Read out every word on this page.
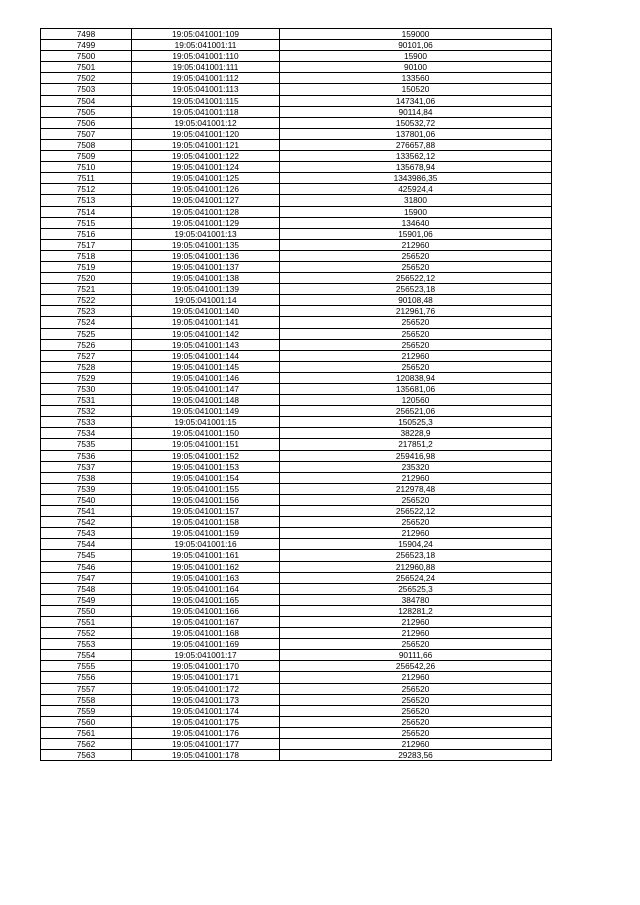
7498	19:05:041001:109	159000
7499	19:05:041001:11	90101,06
7500	19:05:041001:110	15900
7501	19:05:041001:111	90100
7502	19:05:041001:112	133560
7503	19:05:041001:113	150520
7504	19:05:041001:115	147341,06
7505	19:05:041001:118	90114,84
7506	19:05:041001:12	150532,72
7507	19:05:041001:120	137801,06
7508	19:05:041001:121	276657,88
7509	19:05:041001:122	133562,12
7510	19:05:041001:124	135678,94
7511	19:05:041001:125	1343986,35
7512	19:05:041001:126	425924,4
7513	19:05:041001:127	31800
7514	19:05:041001:128	15900
7515	19:05:041001:129	134640
7516	19:05:041001:13	15901,06
7517	19:05:041001:135	212960
7518	19:05:041001:136	256520
7519	19:05:041001:137	256520
7520	19:05:041001:138	256522,12
7521	19:05:041001:139	256523,18
7522	19:05:041001:14	90108,48
7523	19:05:041001:140	212961,76
7524	19:05:041001:141	256520
7525	19:05:041001:142	256520
7526	19:05:041001:143	256520
7527	19:05:041001:144	212960
7528	19:05:041001:145	256520
7529	19:05:041001:146	120838,94
7530	19:05:041001:147	135681,06
7531	19:05:041001:148	120560
7532	19:05:041001:149	256521,06
7533	19:05:041001:15	150525,3
7534	19:05:041001:150	38228,9
7535	19:05:041001:151	217851,2
7536	19:05:041001:152	259416,98
7537	19:05:041001:153	235320
7538	19:05:041001:154	212960
7539	19:05:041001:155	212978,48
7540	19:05:041001:156	256520
7541	19:05:041001:157	256522,12
7542	19:05:041001:158	256520
7543	19:05:041001:159	212960
7544	19:05:041001:16	15904,24
7545	19:05:041001:161	256523,18
7546	19:05:041001:162	212960,88
7547	19:05:041001:163	256524,24
7548	19:05:041001:164	256525,3
7549	19:05:041001:165	384780
7550	19:05:041001:166	128281,2
7551	19:05:041001:167	212960
7552	19:05:041001:168	212960
7553	19:05:041001:169	256520
7554	19:05:041001:17	90111,66
7555	19:05:041001:170	256542,26
7556	19:05:041001:171	212960
7557	19:05:041001:172	256520
7558	19:05:041001:173	256520
7559	19:05:041001:174	256520
7560	19:05:041001:175	256520
7561	19:05:041001:176	256520
7562	19:05:041001:177	212960
7563	19:05:041001:178	29283,56
